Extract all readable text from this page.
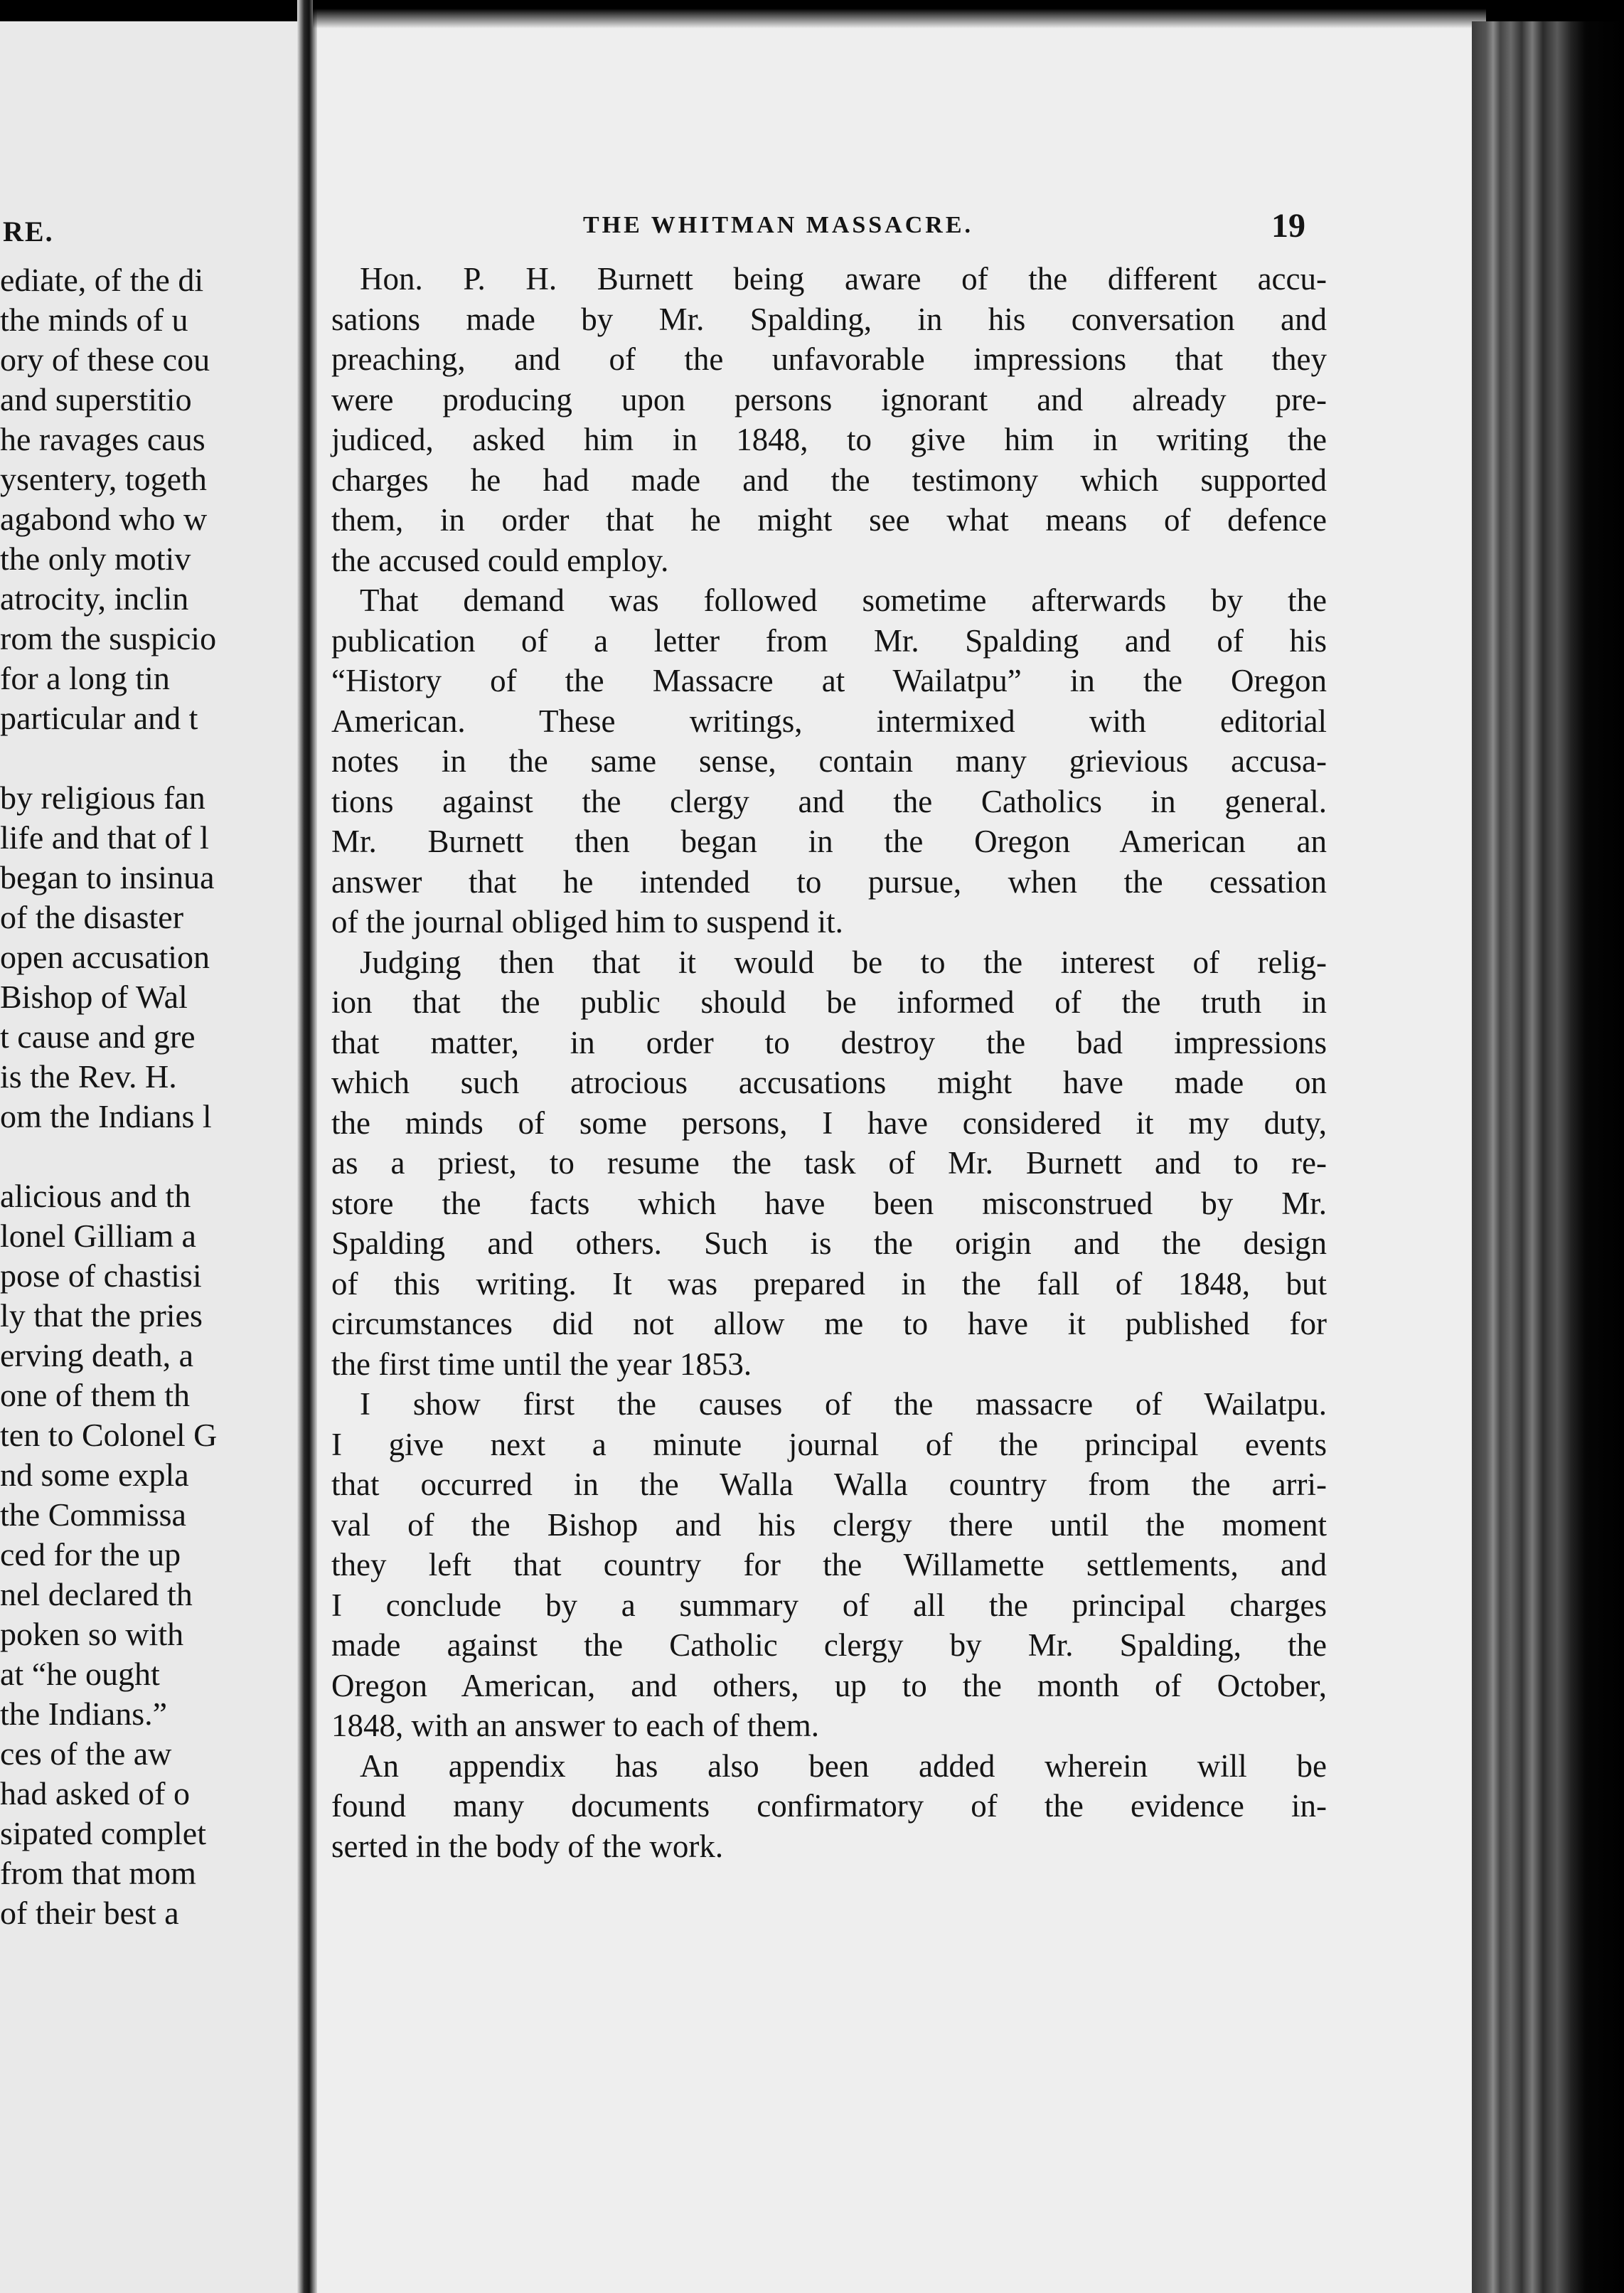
RE.
ediate, of the di
the minds of u
ory of these cou
and superstitio
he ravages caus
ysentery, togeth
agabond who w
the only motiv
atrocity, inclin
rom the suspicio
for a long tin
particular and t
by religious fan
life and that of l
began to insinua
of the disaster
open accusation
Bishop of Wal
t cause and gre
is the Rev. H.
om the Indians l
alicious and th
lonel Gilliam a
pose of chastisi
ly that the pries
erving death, a
one of them th
ten to Colonel G
nd some expla
the Commissa
ced for the up
nel declared th
poken so with
at “he ought
the Indians.”
ces of the aw
had asked of o
sipated complet
from that mom
of their best a
THE WHITMAN MASSACRE.	19
Hon. P. H. Burnett being aware of the different accu-
sations made by Mr. Spalding, in his conversation and
preaching, and of the unfavorable impressions that they
were producing upon persons ignorant and already pre-
judiced, asked him in 1848, to give him in writing the
charges he had made and the testimony which supported
them, in order that he might see what means of defence
the accused could employ.
That demand was followed sometime afterwards by the
publication of a letter from Mr. Spalding and of his
“History of the Massacre at Wailatpu” in the Oregon
American. These writings, intermixed with editorial
notes in the same sense, contain many grievious accusa-
tions against the clergy and the Catholics in general.
Mr. Burnett then began in the Oregon American an
answer that he intended to pursue, when the cessation
of the journal obliged him to suspend it.
Judging then that it would be to the interest of relig-
ion that the public should be informed of the truth in
that matter, in order to destroy the bad impressions
which such atrocious accusations might have made on
the minds of some persons, I have considered it my duty,
as a priest, to resume the task of Mr. Burnett and to re-
store the facts which have been misconstrued by Mr.
Spalding and others. Such is the origin and the design
of this writing. It was prepared in the fall of 1848, but
circumstances did not allow me to have it published for
the first time until the year 1853.
I show first the causes of the massacre of Wailatpu.
I give next a minute journal of the principal events
that occurred in the Walla Walla country from the arri-
val of the Bishop and his clergy there until the moment
they left that country for the Willamette settlements, and
I conclude by a summary of all the principal charges
made against the Catholic clergy by Mr. Spalding, the
Oregon American, and others, up to the month of October,
1848, with an answer to each of them.
An appendix has also been added wherein will be
found many documents confirmatory of the evidence in-
serted in the body of the work.
